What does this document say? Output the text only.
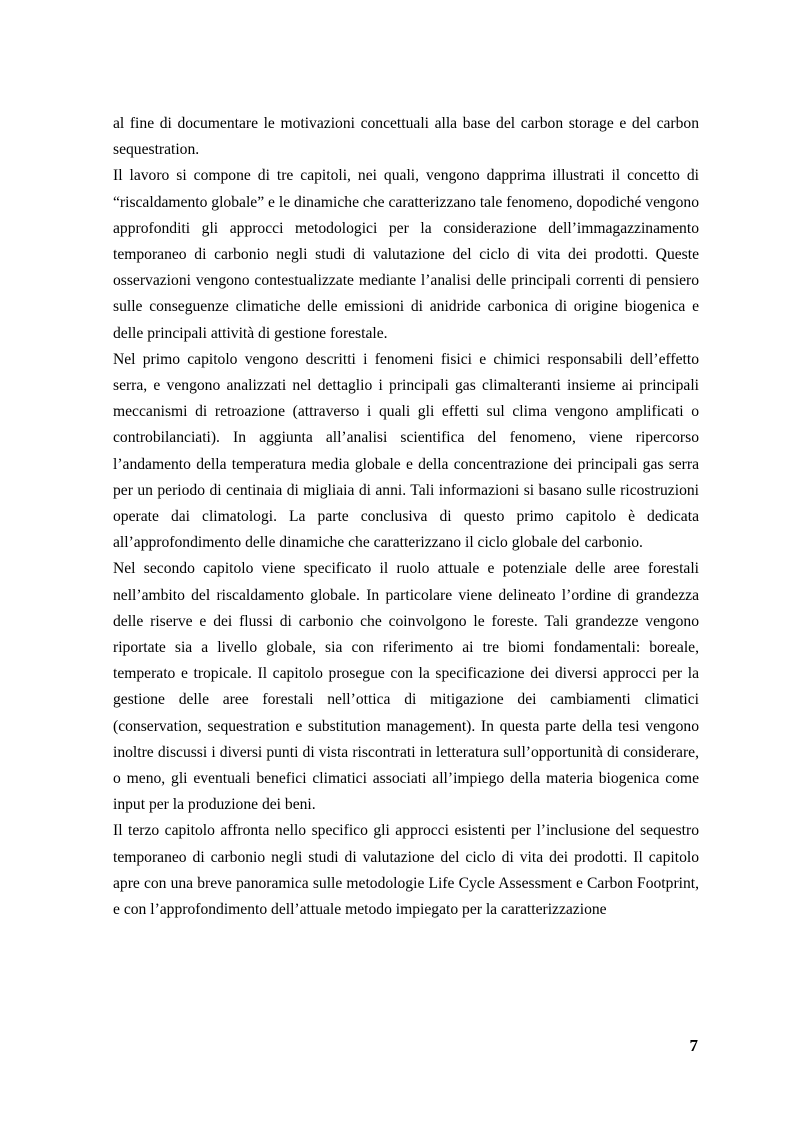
al fine di documentare le motivazioni concettuali alla base del carbon storage e del carbon sequestration.

Il lavoro si compone di tre capitoli, nei quali, vengono dapprima illustrati il concetto di “riscaldamento globale” e le dinamiche che caratterizzano tale fenomeno, dopodiché vengono approfonditi gli approcci metodologici per la considerazione dell’immagazzinamento temporaneo di carbonio negli studi di valutazione del ciclo di vita dei prodotti. Queste osservazioni vengono contestualizzate mediante l’analisi delle principali correnti di pensiero sulle conseguenze climatiche delle emissioni di anidride carbonica di origine biogenica e delle principali attività di gestione forestale.

Nel primo capitolo vengono descritti i fenomeni fisici e chimici responsabili dell’effetto serra, e vengono analizzati nel dettaglio i principali gas climalteranti insieme ai principali meccanismi di retroazione (attraverso i quali gli effetti sul clima vengono amplificati o controbilanciati). In aggiunta all’analisi scientifica del fenomeno, viene ripercorso l’andamento della temperatura media globale e della concentrazione dei principali gas serra per un periodo di centinaia di migliaia di anni. Tali informazioni si basano sulle ricostruzioni operate dai climatologi. La parte conclusiva di questo primo capitolo è dedicata all’approfondimento delle dinamiche che caratterizzano il ciclo globale del carbonio.

Nel secondo capitolo viene specificato il ruolo attuale e potenziale delle aree forestali nell’ambito del riscaldamento globale. In particolare viene delineato l’ordine di grandezza delle riserve e dei flussi di carbonio che coinvolgono le foreste. Tali grandezze vengono riportate sia a livello globale, sia con riferimento ai tre biomi fondamentali: boreale, temperato e tropicale. Il capitolo prosegue con la specificazione dei diversi approcci per la gestione delle aree forestali nell’ottica di mitigazione dei cambiamenti climatici (conservation, sequestration e substitution management). In questa parte della tesi vengono inoltre discussi i diversi punti di vista riscontrati in letteratura sull’opportunità di considerare, o meno, gli eventuali benefici climatici associati all’impiego della materia biogenica come input per la produzione dei beni.

Il terzo capitolo affronta nello specifico gli approcci esistenti per l’inclusione del sequestro temporaneo di carbonio negli studi di valutazione del ciclo di vita dei prodotti. Il capitolo apre con una breve panoramica sulle metodologie Life Cycle Assessment e Carbon Footprint, e con l’approfondimento dell’attuale metodo impiegato per la caratterizzazione

7
